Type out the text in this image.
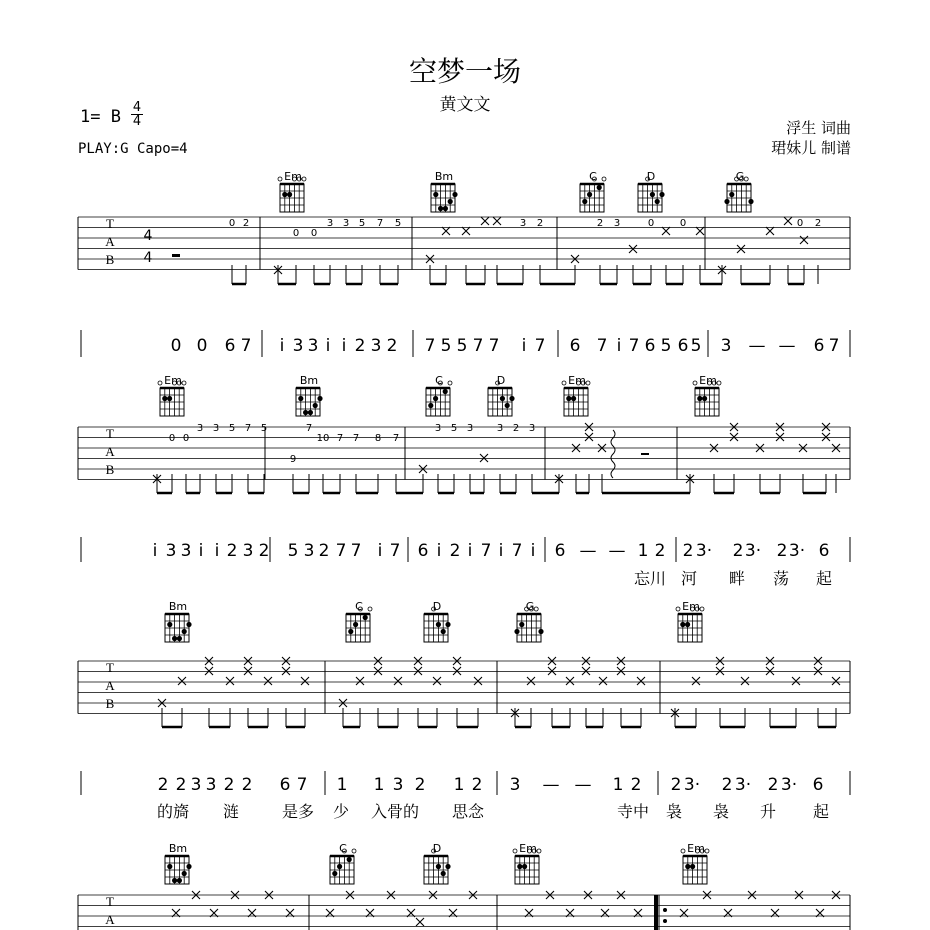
空梦一场
黄文文
1= B 4
4
PLAY:G Capo=4
浮生 词曲
珺妹儿 制谱
Em	Bm	C	D	G
T
A
B
4
4
0 2
0 0
3 3 5 7 5	3 2	2 3	0	0	0 2
0 0 6 7 i 3 3 i i 2 3 2 7 5 5 7 7 i 7 6 7 i 7 6 5 6 5 3 — — 6 7
Em	Bm	C	D	Em	Em
T
A
B
0 0
3 3 5 7 5	7
9
10 7 7 8 7
3 5 3 3 2 3
i 3 3 i i 2 3 2 5 3 2 7 7 i 7 6 i 2 i 7 i 7 i 6 — — 1 2 2 3· 2 3· 2 3· 6
忘川 河 畔 荡 起
Bm	C	D	G	Em
T
A
B
2 2 3 3 2 2 6 7 1 1 3 2 1 2 3 — — 1 2 2 3· 2 3· 2 3· 6
的旖 涟	是多 少 入骨的 思念	寺中 袅 袅 升 起
Bm	C	D	Em	Em
T
A
